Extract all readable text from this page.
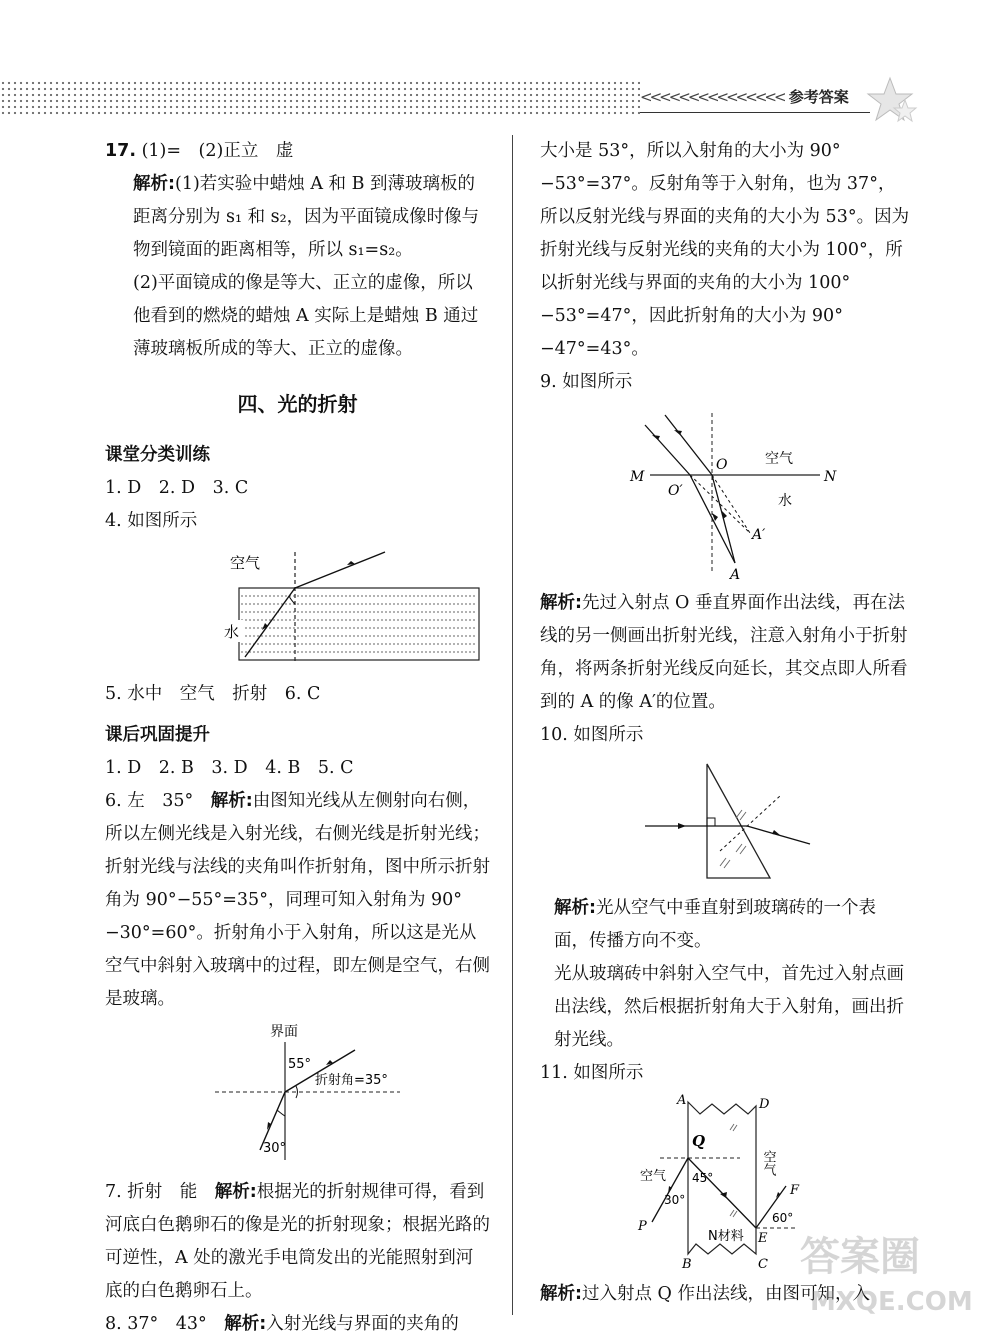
<<<<<<<<<<<<<<< 参考答案

17. (1)=　(2)正立　虚

解析:(1)若实验中蜡烛 A 和 B 到薄玻璃板的距离分别为 s₁ 和 s₂，因为平面镜成像时像与物到镜面的距离相等，所以 s₁=s₂。

(2)平面镜成的像是等大、正立的虚像，所以他看到的燃烧的蜡烛 A 实际上是蜡烛 B 通过薄玻璃板所成的等大、正立的虚像。

四、光的折射

课堂分类训练

1. D　2. D　3. C

4. 如图所示

空气
水

5. 水中　空气　折射　6. C

课后巩固提升

1. D　2. B　3. D　4. B　5. C

6. 左　35°　解析:由图知光线从左侧射向右侧，所以左侧光线是入射光线，右侧光线是折射光线；折射光线与法线的夹角叫作折射角，图中所示折射角为 90°−55°=35°，同理可知入射角为 90°−30°=60°。折射角小于入射角，所以这是光从空气中斜射入玻璃中的过程，即左侧是空气，右侧是玻璃。

界面
55°
折射角=35°
30°

7. 折射　能　解析:根据光的折射规律可得，看到河底白色鹅卵石的像是光的折射现象；根据光路的可逆性，A 处的激光手电筒发出的光能照射到河底的白色鹅卵石上。

8. 37°　43°　解析:入射光线与界面的夹角的

大小是 53°，所以入射角的大小为 90°−53°=37°。反射角等于入射角，也为 37°，所以反射光线与界面的夹角的大小为 53°。因为折射光线与反射光线的夹角的大小为 100°，所以折射光线与界面的夹角的大小为 100°−53°=47°，因此折射角的大小为 90°−47°=43°。

9. 如图所示

M	N
O
O′
空气
水
A′
A

解析:先过入射点 O 垂直界面作出法线，再在法线的另一侧画出折射光线，注意入射角小于折射角，将两条折射光线反向延长，其交点即人所看到的 A 的像 A′的位置。

10. 如图所示

解析:光从空气中垂直射到玻璃砖的一个表面，传播方向不变。

光从玻璃砖中斜射入空气中，首先过入射点画出法线，然后根据折射角大于入射角，画出折射光线。

11. 如图所示

A	D
Q
空气
空气
P
30°
45°
F
60°
E
N材料
B	C

解析:过入射点 Q 作出法线，由图可知，入

答案圈
MXQE.COM
